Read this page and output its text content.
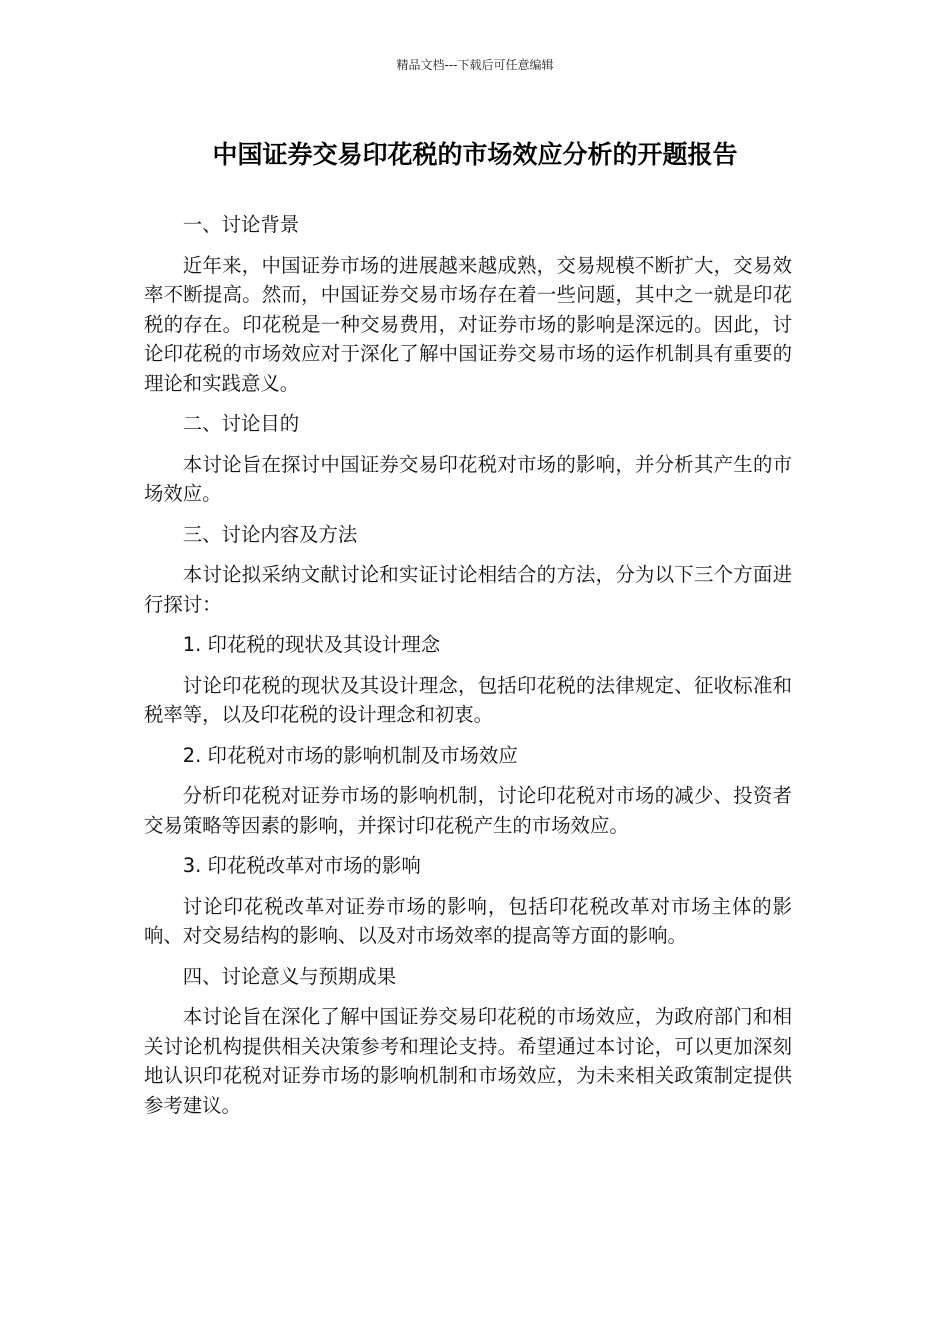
精品文档---下载后可任意编辑
中国证券交易印花税的市场效应分析的开题报告

一、讨论背景

近年来，中国证券市场的进展越来越成熟，交易规模不断扩大，交易效率不断提高。然而，中国证券交易市场存在着一些问题，其中之一就是印花税的存在。印花税是一种交易费用，对证券市场的影响是深远的。因此，讨论印花税的市场效应对于深化了解中国证券交易市场的运作机制具有重要的理论和实践意义。

二、讨论目的

本讨论旨在探讨中国证券交易印花税对市场的影响，并分析其产生的市场效应。

三、讨论内容及方法

本讨论拟采纳文献讨论和实证讨论相结合的方法，分为以下三个方面进行探讨：

1. 印花税的现状及其设计理念

讨论印花税的现状及其设计理念，包括印花税的法律规定、征收标准和税率等，以及印花税的设计理念和初衷。

2. 印花税对市场的影响机制及市场效应

分析印花税对证券市场的影响机制，讨论印花税对市场的减少、投资者交易策略等因素的影响，并探讨印花税产生的市场效应。

3. 印花税改革对市场的影响

讨论印花税改革对证券市场的影响，包括印花税改革对市场主体的影响、对交易结构的影响、以及对市场效率的提高等方面的影响。

四、讨论意义与预期成果

本讨论旨在深化了解中国证券交易印花税的市场效应，为政府部门和相关讨论机构提供相关决策参考和理论支持。希望通过本讨论，可以更加深刻地认识印花税对证券市场的影响机制和市场效应，为未来相关政策制定提供参考建议。
